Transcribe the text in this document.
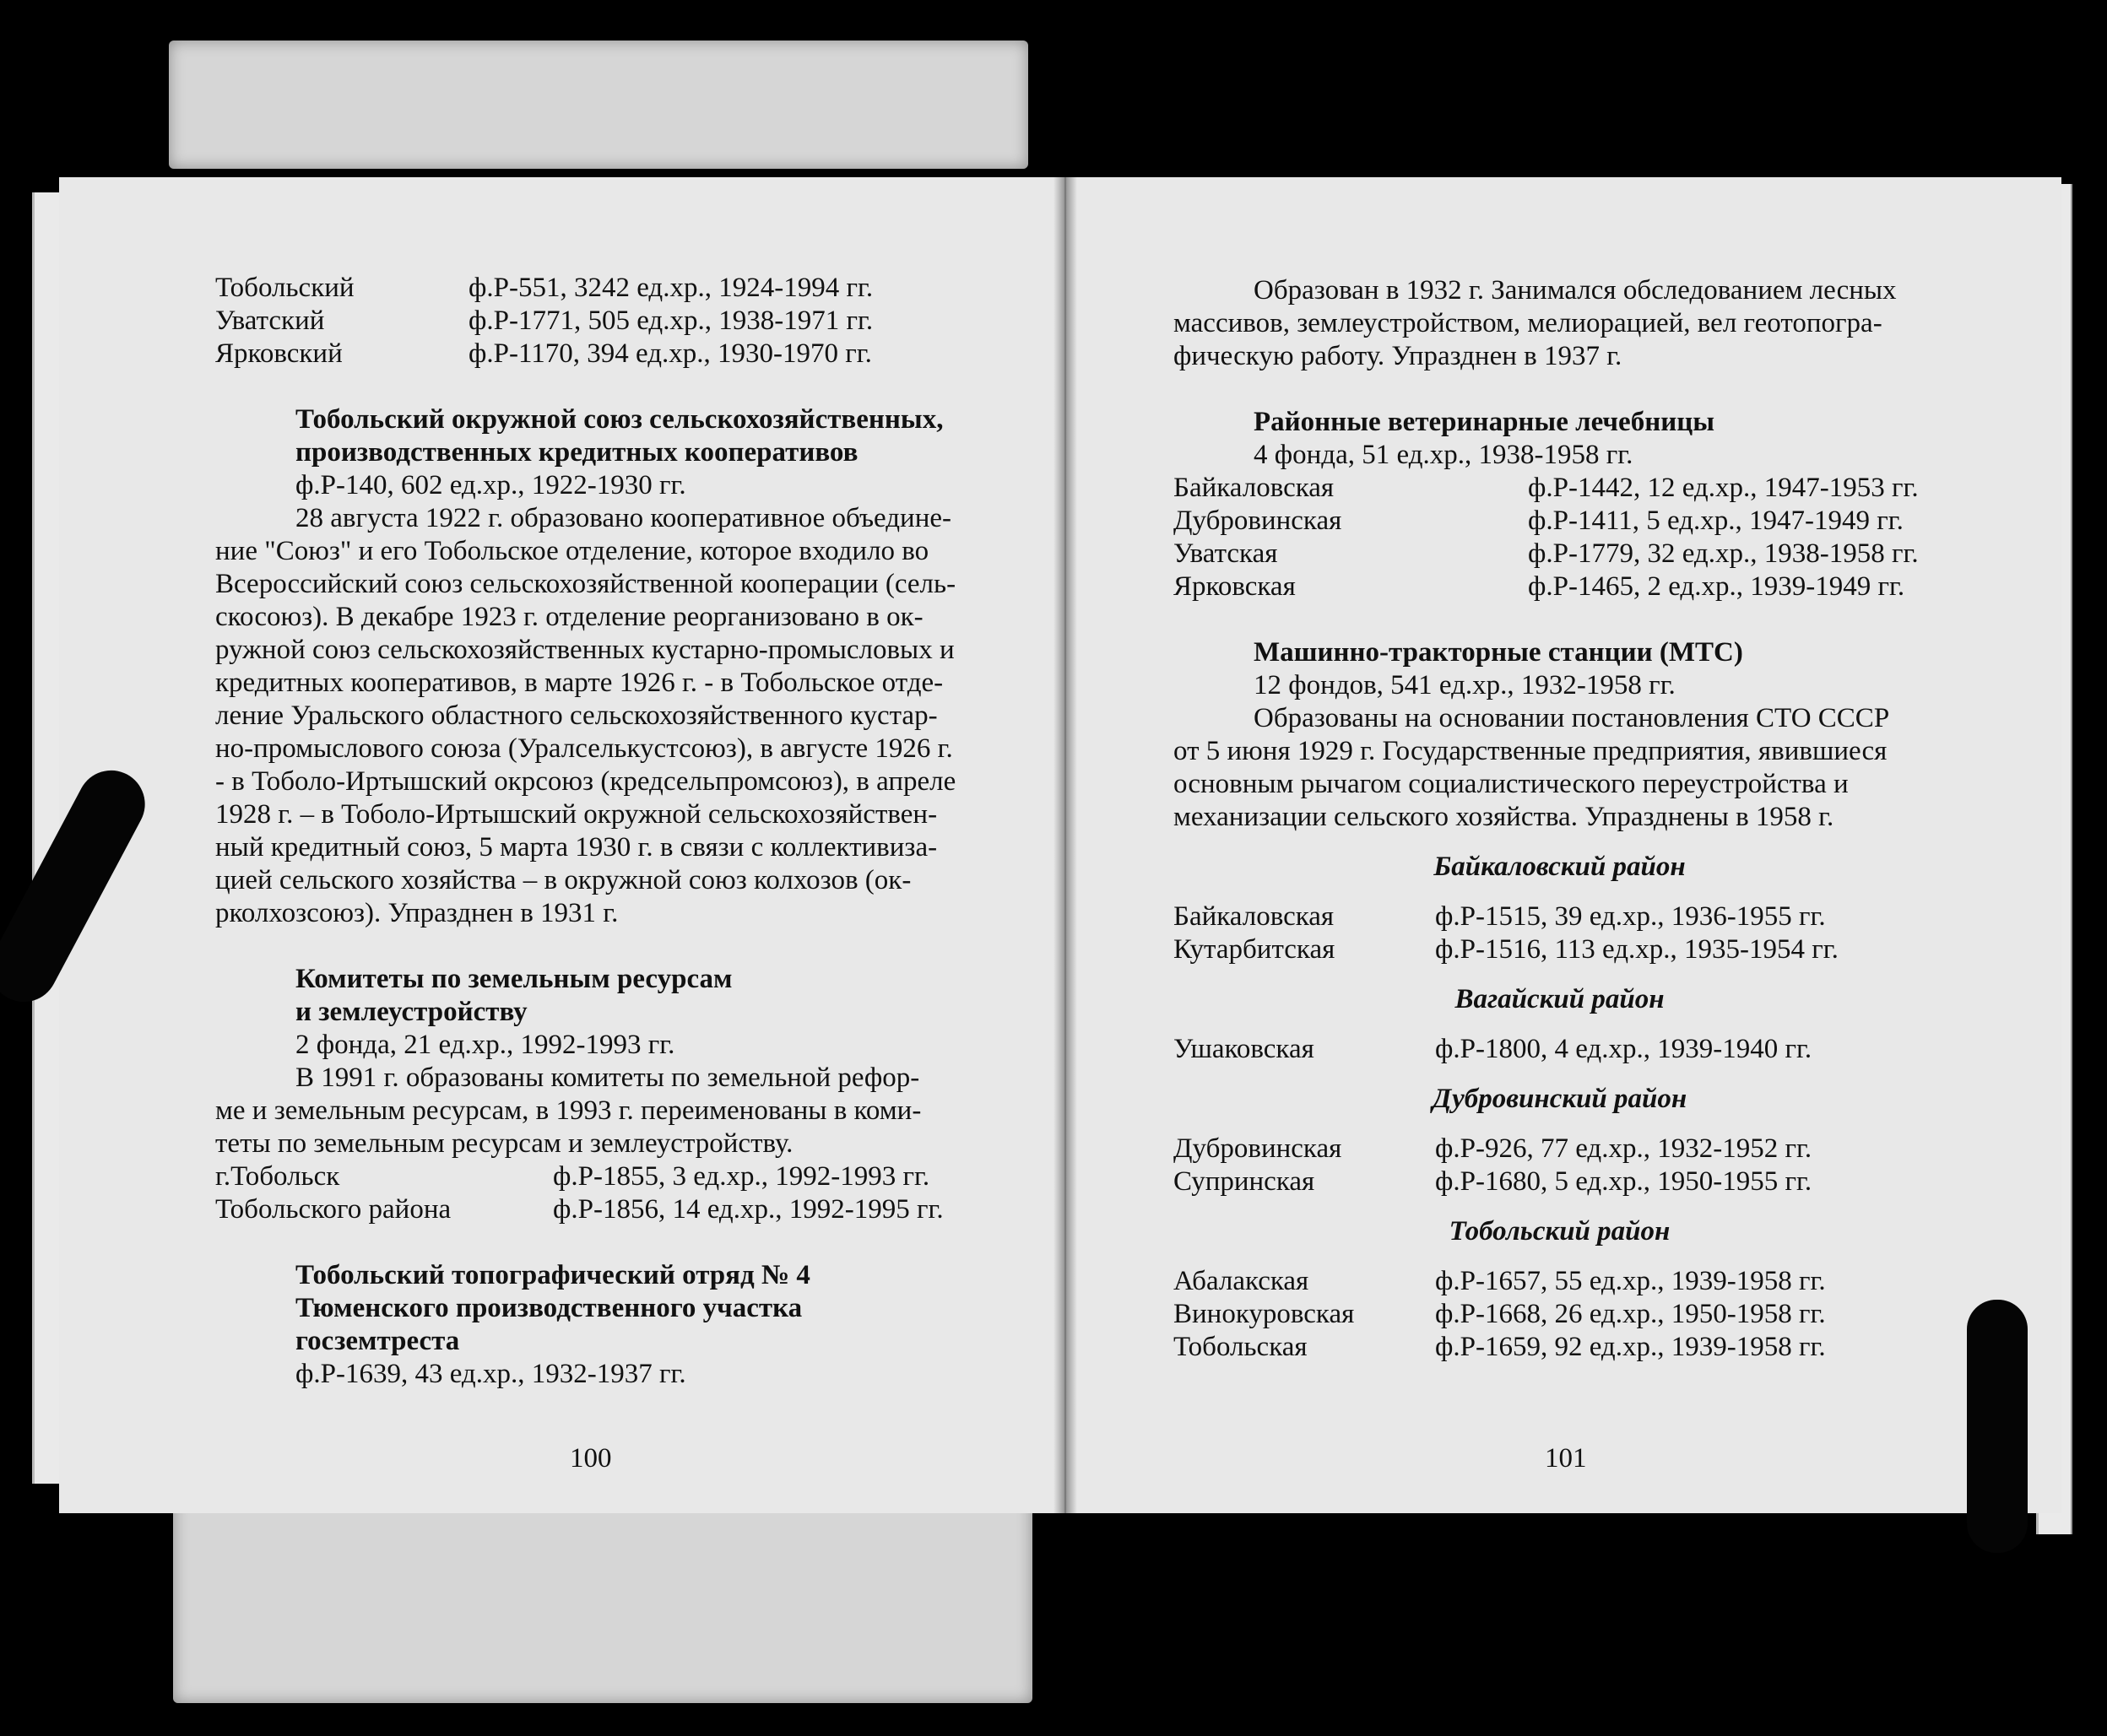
Тобольский	ф.Р-551, 3242 ед.хр., 1924-1994 гг.
Уватский	ф.Р-1771, 505 ед.хр., 1938-1971 гг.
Ярковский	ф.Р-1170, 394 ед.хр., 1930-1970 гг.
Тобольский окружной союз сельскохозяйственных,
производственных кредитных кооперативов
ф.Р-140, 602 ед.хр., 1922-1930 гг.
28 августа 1922 г. образовано кооперативное объедине-
ние "Союз" и его Тобольское отделение, которое входило во
Всероссийский союз сельскохозяйственной кооперации (сель-
скосоюз). В декабре 1923 г. отделение реорганизовано в ок-
ружной союз сельскохозяйственных кустарно-промысловых и
кредитных кооперативов, в марте 1926 г. - в Тобольское отде-
ление Уральского областного сельскохозяйственного кустар-
но-промыслового союза (Уралселькустсоюз), в августе 1926 г.
- в Тоболо-Иртышский окрсоюз (кредсельпромсоюз), в апреле
1928 г. – в Тоболо-Иртышский окружной сельскохозяйствен-
ный кредитный союз, 5 марта 1930 г. в связи с коллективиза-
цией сельского хозяйства – в окружной союз колхозов (ок-
рколхозсоюз). Упразднен в 1931 г.
Комитеты по земельным ресурсам
и землеустройству
2 фонда, 21 ед.хр., 1992-1993 гг.
В 1991 г. образованы комитеты по земельной рефор-
ме и земельным ресурсам, в 1993 г. переименованы в коми-
теты по земельным ресурсам и землеустройству.
г.Тобольск	ф.Р-1855, 3 ед.хр., 1992-1993 гг.
Тобольского района	ф.Р-1856, 14 ед.хр., 1992-1995 гг.
Тобольский топографический отряд № 4
Тюменского производственного участка
госземтреста
ф.Р-1639, 43 ед.хр., 1932-1937 гг.
100
Образован в 1932 г. Занимался обследованием лесных
массивов, землеустройством, мелиорацией, вел геотопогра-
фическую работу. Упразднен в 1937 г.
Районные ветеринарные лечебницы
4 фонда, 51 ед.хр., 1938-1958 гг.
Байкаловская	ф.Р-1442, 12 ед.хр., 1947-1953 гг.
Дубровинская	ф.Р-1411, 5 ед.хр., 1947-1949 гг.
Уватская	ф.Р-1779, 32 ед.хр., 1938-1958 гг.
Ярковская	ф.Р-1465, 2 ед.хр., 1939-1949 гг.
Машинно-тракторные станции (МТС)
12 фондов, 541 ед.хр., 1932-1958 гг.
Образованы на основании постановления СТО СССР
от 5 июня 1929 г. Государственные предприятия, явившиеся
основным рычагом социалистического переустройства и
механизации сельского хозяйства. Упразднены в 1958 г.
Байкаловский район
Байкаловская	ф.Р-1515, 39 ед.хр., 1936-1955 гг.
Кутарбитская	ф.Р-1516, 113 ед.хр., 1935-1954 гг.
Вагайский район
Ушаковская	ф.Р-1800, 4 ед.хр., 1939-1940 гг.
Дубровинский район
Дубровинская	ф.Р-926, 77 ед.хр., 1932-1952 гг.
Супринская	ф.Р-1680, 5 ед.хр., 1950-1955 гг.
Тобольский район
Абалакская	ф.Р-1657, 55 ед.хр., 1939-1958 гг.
Винокуровская	ф.Р-1668, 26 ед.хр., 1950-1958 гг.
Тобольская	ф.Р-1659, 92 ед.хр., 1939-1958 гг.
101
